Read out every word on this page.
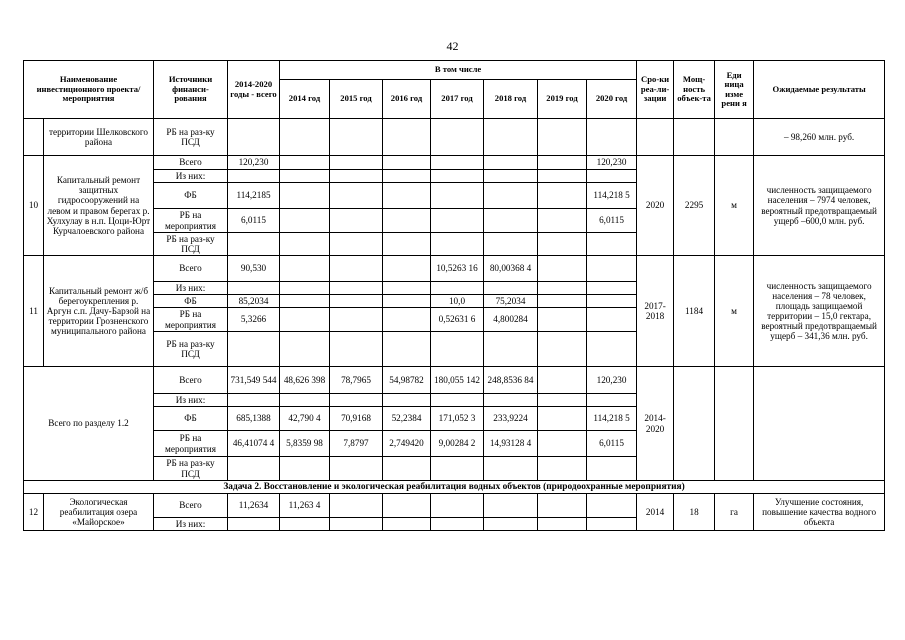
42
Наименование инвестиционного проекта/мероприятия		Источники финанси-рования	2014-2020 годы - всего	В том числе							Сро-ки реа-ли-зации	Мощ-ность объек-та	Еди ница изме рени я	Ожидаемые результаты
				2014 год	2015 год	2016 год	2017 год	2018 год	2019 год	2020 год				
	территории Шелковского района	РБ на раз-ку ПСД												– 98,260 млн. руб.
10	Капитальный ремонт защитных гидросооружений на левом и правом берегах р. Хулхулау в н.п. Цоци-Юрт Курчалоевского района	Всего	120,230							120,230	2020	2295	м	численность защищаемого населения – 7974 человек, вероятный предотвращаемый ущерб –600,0 млн. руб.
		Из них:												
		ФБ	114,2185							114,218 5				
		РБ на мероприятия	6,0115							6,0115				
		РБ на раз-ку ПСД												
11	Капитальный ремонт ж/б берегоукрепления р. Аргун с.п. Дачу-Барзой на территории Грозненского муниципального района	Всего	90,530				10,5263 16	80,00368 4			2017-2018	1184	м	численность защищаемого населения – 78 человек, площадь защищаемой территории – 15,0 гектара, вероятный предотвращаемый ущерб – 341,36 млн. руб.
		Из них:												
		ФБ	85,2034				10,0	75,2034						
		РБ на мероприятия	5,3266				0,52631 6	4,800284						
		РБ на раз-ку ПСД												
Всего по разделу 1.2		Всего	731,549 544	48,626 398	78,7965	54,98782	180,055 142	248,8536 84		120,230	2014-2020			
		Из них:												
		ФБ	685,1388	42,790 4	70,9168	52,2384	171,052 3	233,9224		114,218 5				
		РБ на мероприятия	46,41074 4	5,8359 98	7,8797	2,749420	9,00284 2	14,93128 4		6,0115				
		РБ на раз-ку ПСД												
Задача 2. Восстановление и экологическая реабилитация водных объектов (природоохранные мероприятия)														
12	Экологическая реабилитация озера «Майорское»	Всего	11,2634	11,263 4							2014	18	га	Улучшение состояния, повышение качества водного объекта
		Из них:												
